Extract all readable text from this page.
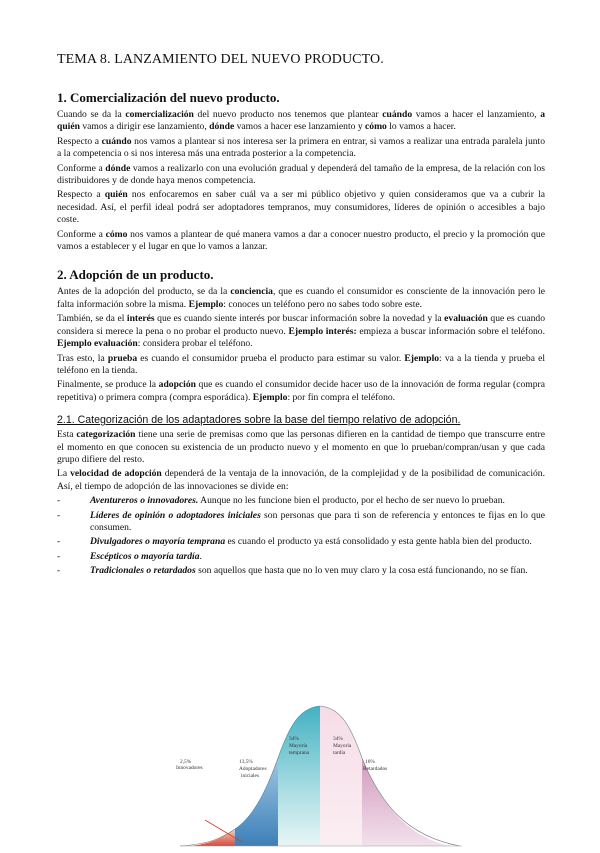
TEMA 8. LANZAMIENTO DEL NUEVO PRODUCTO.
1. Comercialización del nuevo producto.

Cuando se da la comercialización del nuevo producto nos tenemos que plantear cuándo vamos a hacer el lanzamiento, a quién vamos a dirigir ese lanzamiento, dónde vamos a hacer ese lanzamiento y cómo lo vamos a hacer.

Respecto a cuándo nos vamos a plantear si nos interesa ser la primera en entrar, si vamos a realizar una entrada paralela junto a la competencia o si nos interesa más una entrada posterior a la competencia.

Conforme a dónde vamos a realizarlo con una evolución gradual y dependerá del tamaño de la empresa, de la relación con los distribuidores y de donde haya menos competencia.

Respecto a quién nos enfocaremos en saber cuál va a ser mi público objetivo y quien consideramos que va a cubrir la necesidad. Así, el perfil ideal podrá ser adoptadores tempranos, muy consumidores, líderes de opinión o accesibles a bajo coste.

Conforme a cómo nos vamos a plantear de qué manera vamos a dar a conocer nuestro producto, el precio y la promoción que vamos a establecer y el lugar en que lo vamos a lanzar.

2. Adopción de un producto.

Antes de la adopción del producto, se da la conciencia, que es cuando el consumidor es consciente de la innovación pero le falta información sobre la misma. Ejemplo: conoces un teléfono pero no sabes todo sobre este.

También, se da el interés que es cuando siente interés por buscar información sobre la novedad y la evaluación que es cuando considera si merece la pena o no probar el producto nuevo. Ejemplo interés: empieza a buscar información sobre el teléfono. Ejemplo evaluación: considera probar el teléfono.

Tras esto, la prueba es cuando el consumidor prueba el producto para estimar su valor. Ejemplo: va a la tienda y prueba el teléfono en la tienda.

Finalmente, se produce la adopción que es cuando el consumidor decide hacer uso de la innovación de forma regular (compra repetitiva) o primera compra (compra esporádica). Ejemplo: por fin compra el teléfono.

2.1. Categorización de los adaptadores sobre la base del tiempo relativo de adopción.

Esta categorización tiene una serie de premisas como que las personas difieren en la cantidad de tiempo que transcurre entre el momento en que conocen su existencia de un producto nuevo y el momento en que lo prueban/compran/usan y que cada grupo difiere del resto.

La velocidad de adopción dependerá de la ventaja de la innovación, de la complejidad y de la posibilidad de comunicación. Así, el tiempo de adopción de las innovaciones se divide en:

- Aventureros o innovadores. Aunque no les funcione bien el producto, por el hecho de ser nuevo lo prueban.
- Líderes de opinión o adoptadores iniciales son personas que para ti son de referencia y entonces te fijas en lo que consumen.
- Divulgadores o mayoría temprana es cuando el producto ya está consolidado y esta gente habla bien del producto.
- Escépticos o mayoría tardía.
- Tradicionales o retardados son aquellos que hasta que no lo ven muy claro y la cosa está funcionando, no se fían.
2,5%
Innovadores
13,5%
Adoptadores
iniciales
34%
Mayoría
temprana
34%
Mayoría
tardía
16%
Retardados
